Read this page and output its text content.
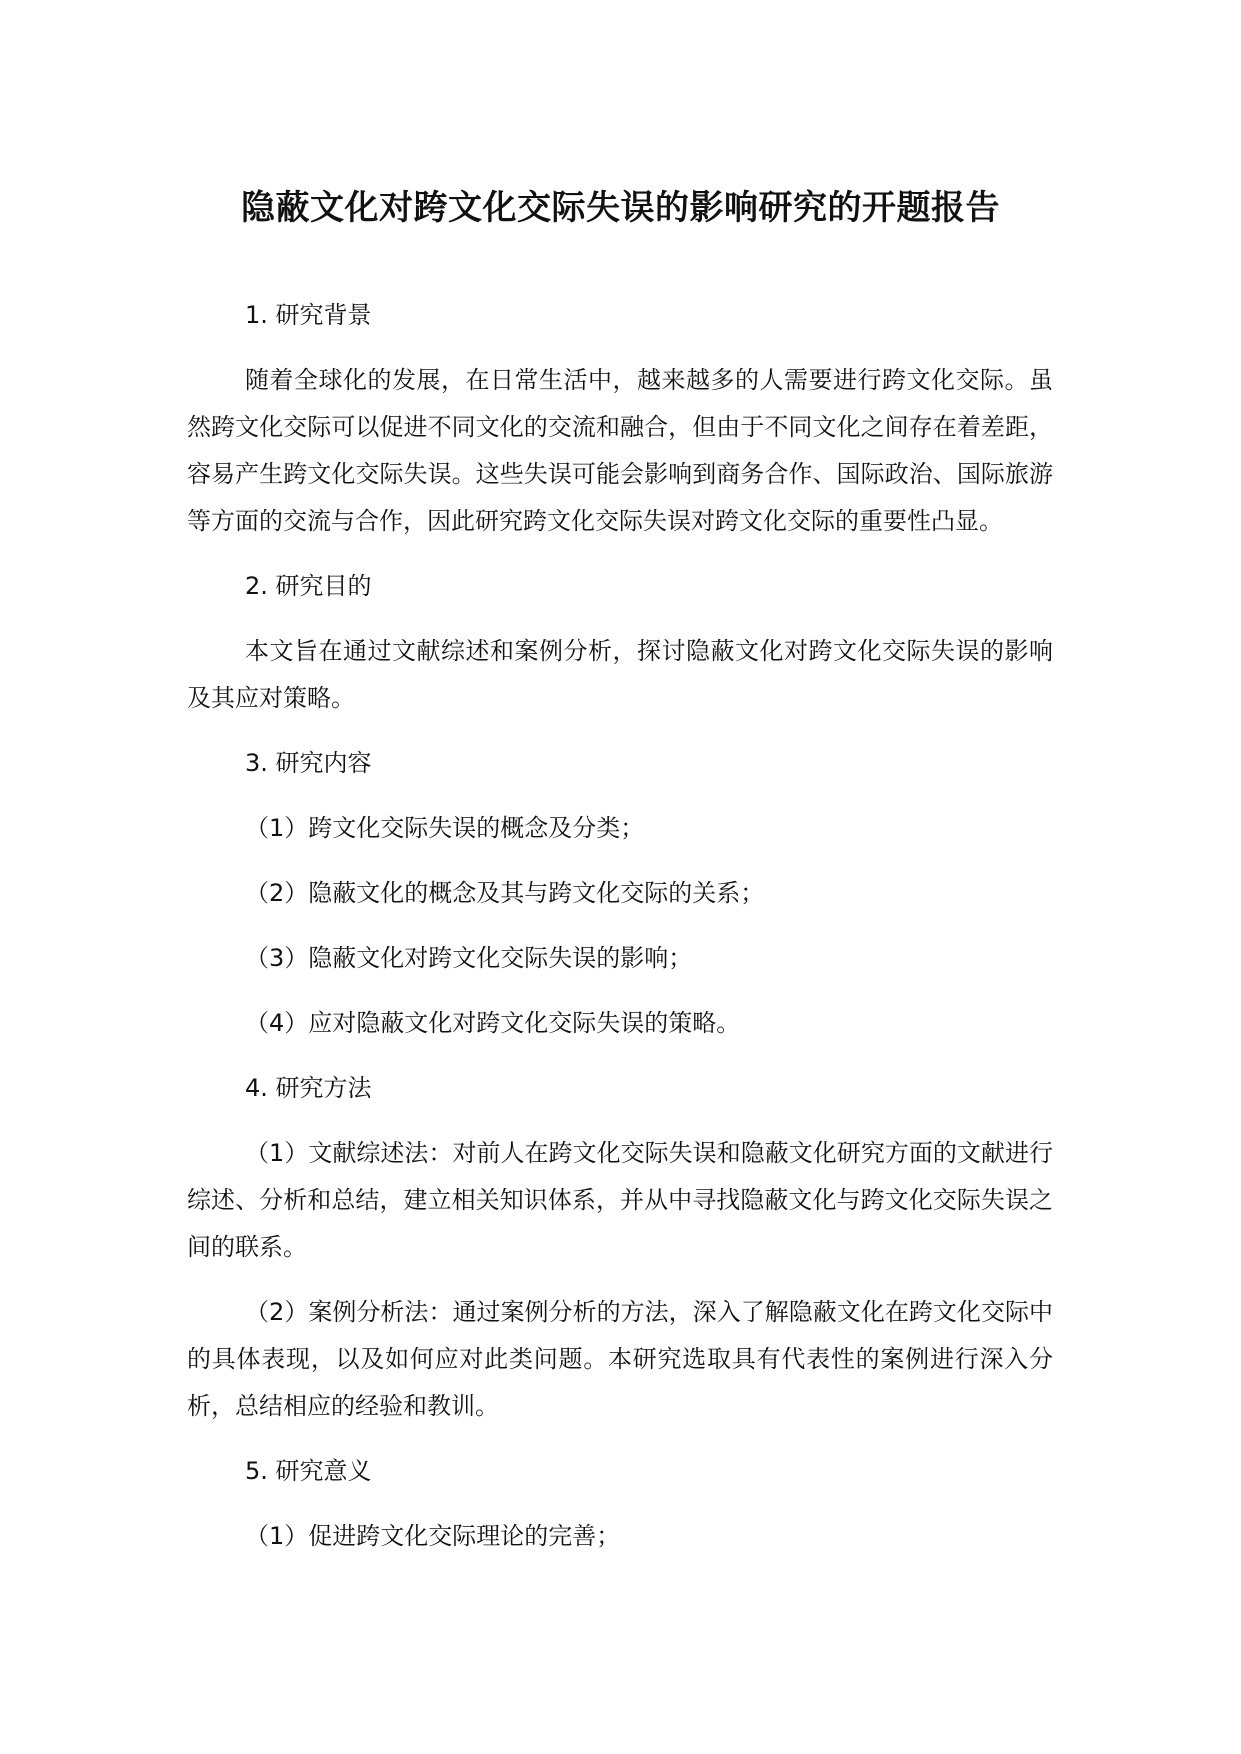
隐蔽文化对跨文化交际失误的影响研究的开题报告
1. 研究背景

随着全球化的发展，在日常生活中，越来越多的人需要进行跨文化交际。虽然跨文化交际可以促进不同文化的交流和融合，但由于不同文化之间存在着差距，容易产生跨文化交际失误。这些失误可能会影响到商务合作、国际政治、国际旅游等方面的交流与合作，因此研究跨文化交际失误对跨文化交际的重要性凸显。

2. 研究目的

本文旨在通过文献综述和案例分析，探讨隐蔽文化对跨文化交际失误的影响及其应对策略。

3. 研究内容
（1）跨文化交际失误的概念及分类；
（2）隐蔽文化的概念及其与跨文化交际的关系；
（3）隐蔽文化对跨文化交际失误的影响；
（4）应对隐蔽文化对跨文化交际失误的策略。
4. 研究方法

（1）文献综述法：对前人在跨文化交际失误和隐蔽文化研究方面的文献进行综述、分析和总结，建立相关知识体系，并从中寻找隐蔽文化与跨文化交际失误之间的联系。

（2）案例分析法：通过案例分析的方法，深入了解隐蔽文化在跨文化交际中的具体表现，以及如何应对此类问题。本研究选取具有代表性的案例进行深入分析，总结相应的经验和教训。

5. 研究意义
（1）促进跨文化交际理论的完善；
